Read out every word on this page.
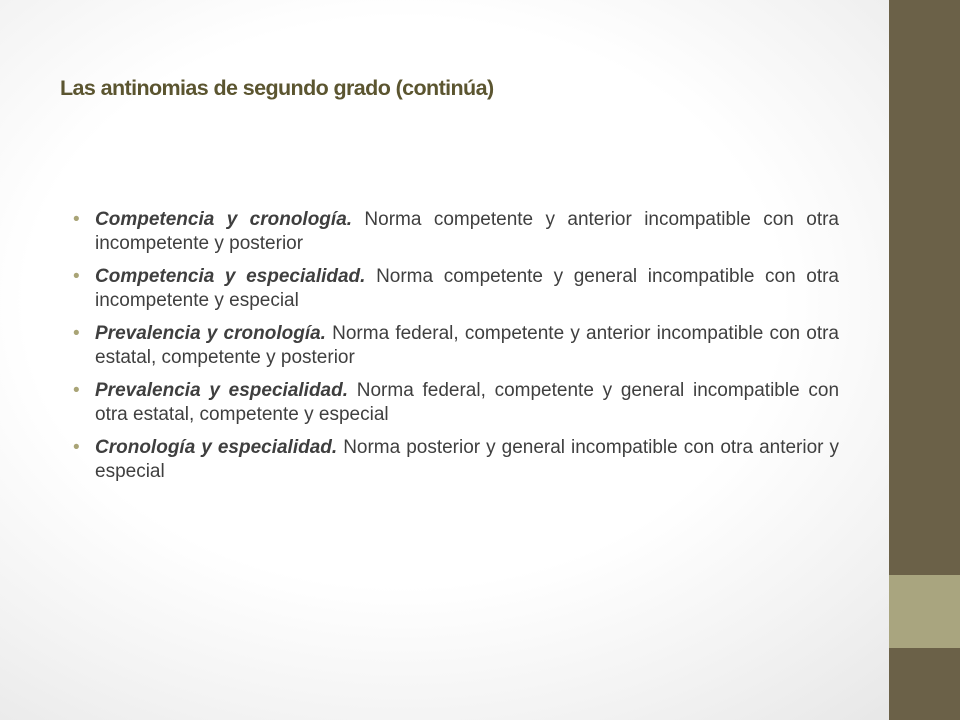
Las antinomias de segundo grado (continúa)
• Competencia y cronología. Norma competente y anterior incompatible con otra incompetente y posterior
• Competencia y especialidad. Norma competente y general incompatible con otra incompetente y especial
• Prevalencia y cronología. Norma federal, competente y anterior incompatible con otra estatal, competente y posterior
• Prevalencia y especialidad. Norma federal, competente y general incompatible con otra estatal, competente y especial
• Cronología y especialidad. Norma posterior y general incompatible con otra anterior y especial
